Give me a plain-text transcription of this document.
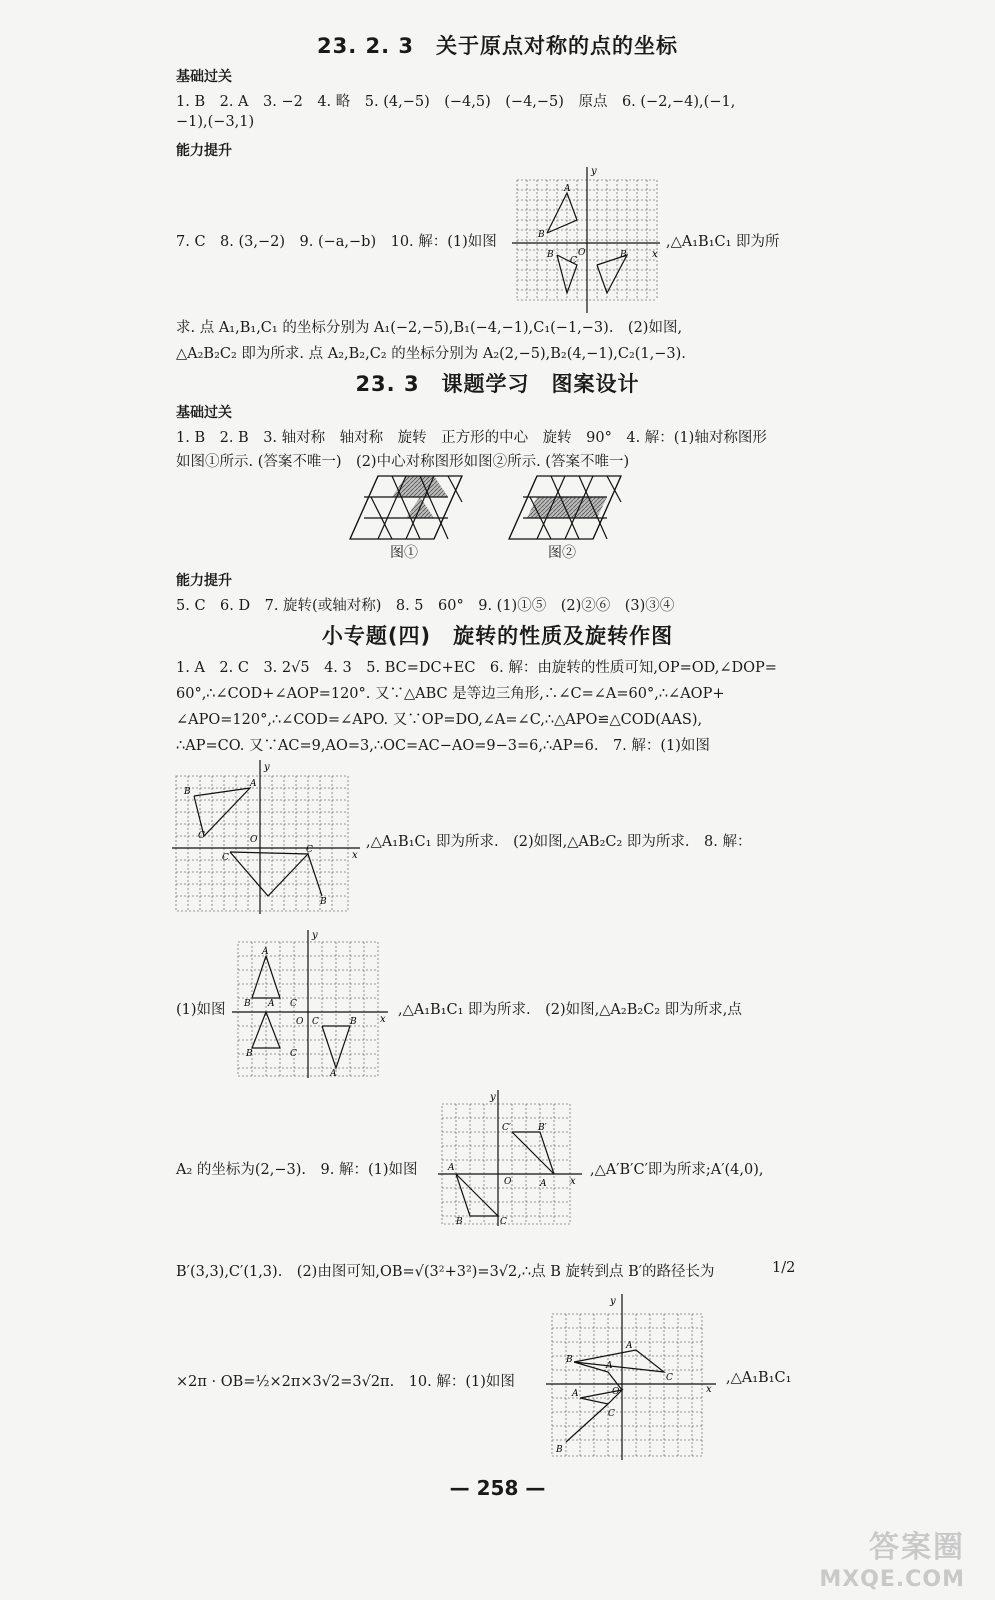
23. 2. 3　关于原点对称的点的坐标
基础过关
1. B　2. A　3. −2　4. 略　5. (4,−5)　(−4,5)　(−4,−5)　原点　6. (−2,−4),(−1,
−1),(−3,1)
能力提升
7. C　8. (3,−2)　9. (−a,−b)　10. 解：(1)如图
x
y
O
B
A
B
C
B
,△A₁B₁C₁ 即为所
求. 点 A₁,B₁,C₁ 的坐标分别为 A₁(−2,−5),B₁(−4,−1),C₁(−1,−3).　(2)如图,
△A₂B₂C₂ 即为所求. 点 A₂,B₂,C₂ 的坐标分别为 A₂(2,−5),B₂(4,−1),C₂(1,−3).
23. 3　课题学习　图案设计
基础过关
1. B　2. B　3. 轴对称　轴对称　旋转　正方形的中心　旋转　90°　4. 解：(1)轴对称图形
如图①所示. (答案不唯一)　(2)中心对称图形如图②所示. (答案不唯一)
图①	图②
能力提升
5. C　6. D　7. 旋转(或轴对称)　8. 5　60°　9. (1)①⑤　(2)②⑥　(3)③④
小专题(四)　旋转的性质及旋转作图
1. A　2. C　3. 2√5　4. 3　5. BC=DC+EC　6. 解：由旋转的性质可知,OP=OD,∠DOP=
60°,∴∠COD+∠AOP=120°. 又∵△ABC 是等边三角形,∴∠C=∠A=60°,∴∠AOP+
∠APO=120°,∴∠COD=∠APO. 又∵OP=DO,∠A=∠C,∴△APO≌△COD(AAS),
∴AP=CO. 又∵AC=9,AO=3,∴OC=AC−AO=9−3=6,∴AP=6.　7. 解：(1)如图
x
y
O
B
A
C
C
C
B
,△A₁B₁C₁ 即为所求.　(2)如图,△AB₂C₂ 即为所求.　8. 解：
(1)如图
x
y
O
A
B A C
B	C
C	B
A
,△A₁B₁C₁ 即为所求.　(2)如图,△A₂B₂C₂ 即为所求,点
A₂ 的坐标为(2,−3).　9. 解：(1)如图
x
y
O
A
B	C
C′	B′
A
,△A′B′C′即为所求;A′(4,0),
B′(3,3),C′(1,3).　(2)由图可知,OB=√(3²+3²)=3√2,∴点 B 旋转到点 B′的路径长为	1/2
×2π · OB=½×2π×3√2=3√2π.　10. 解：(1)如图	x
y
O
B
A
A
C
A
C
B
,△A₁B₁C₁
— 258 —
答案圈
MXQE.COM
